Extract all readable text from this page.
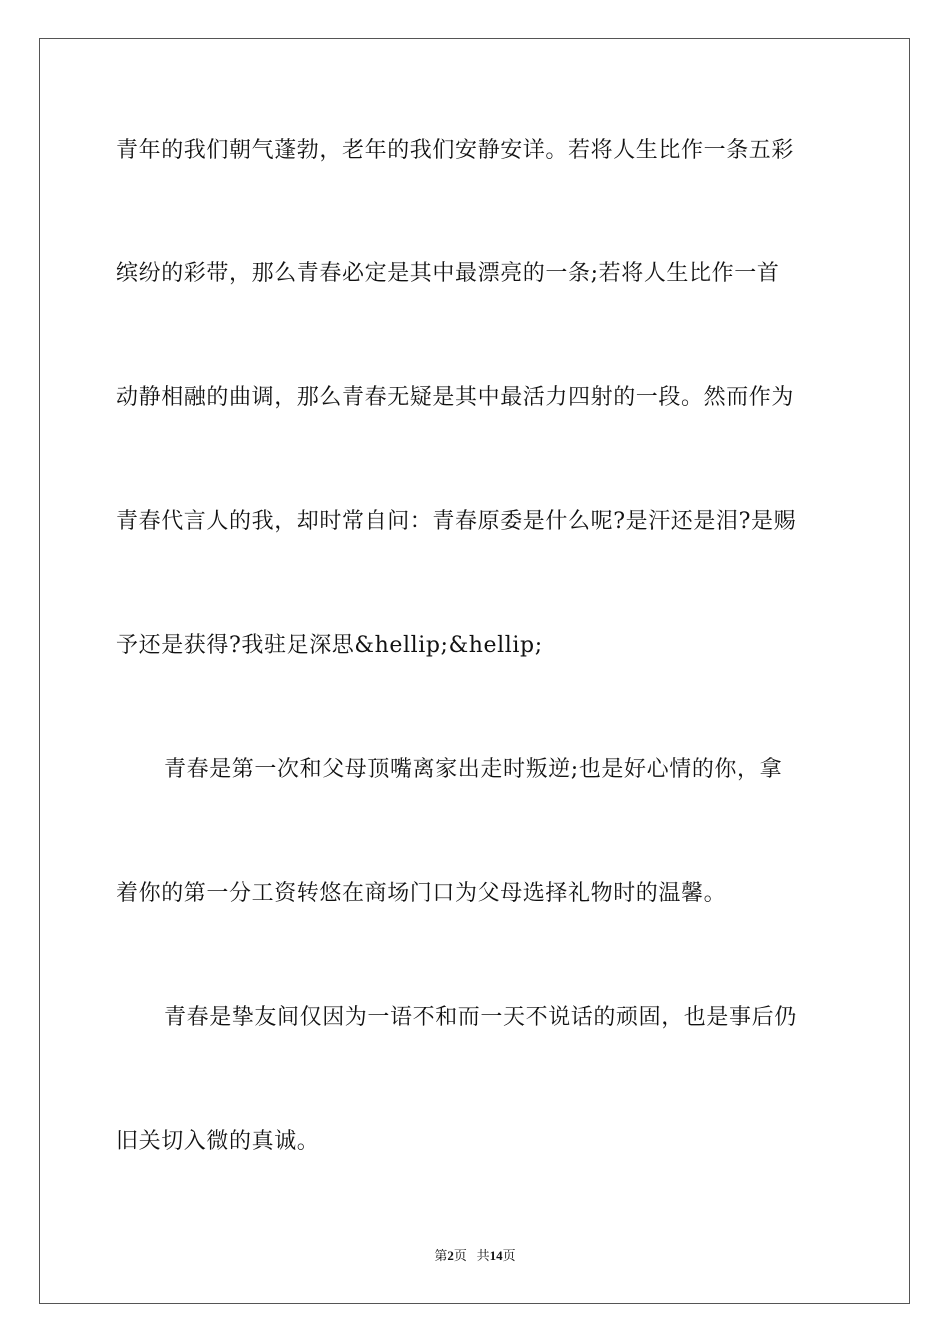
青年的我们朝气蓬勃，老年的我们安静安详。若将人生比作一条五彩
缤纷的彩带，那么青春必定是其中最漂亮的一条;若将人生比作一首
动静相融的曲调，那么青春无疑是其中最活力四射的一段。然而作为
青春代言人的我，却时常自问：青春原委是什么呢?是汗还是泪?是赐
予还是获得?我驻足深思&hellip;&hellip;
青春是第一次和父母顶嘴离家出走时叛逆;也是好心情的你，拿
着你的第一分工资转悠在商场门口为父母选择礼物时的温馨。
青春是挚友间仅因为一语不和而一天不说话的顽固，也是事后仍
旧关切入微的真诚。
第2页 共14页
